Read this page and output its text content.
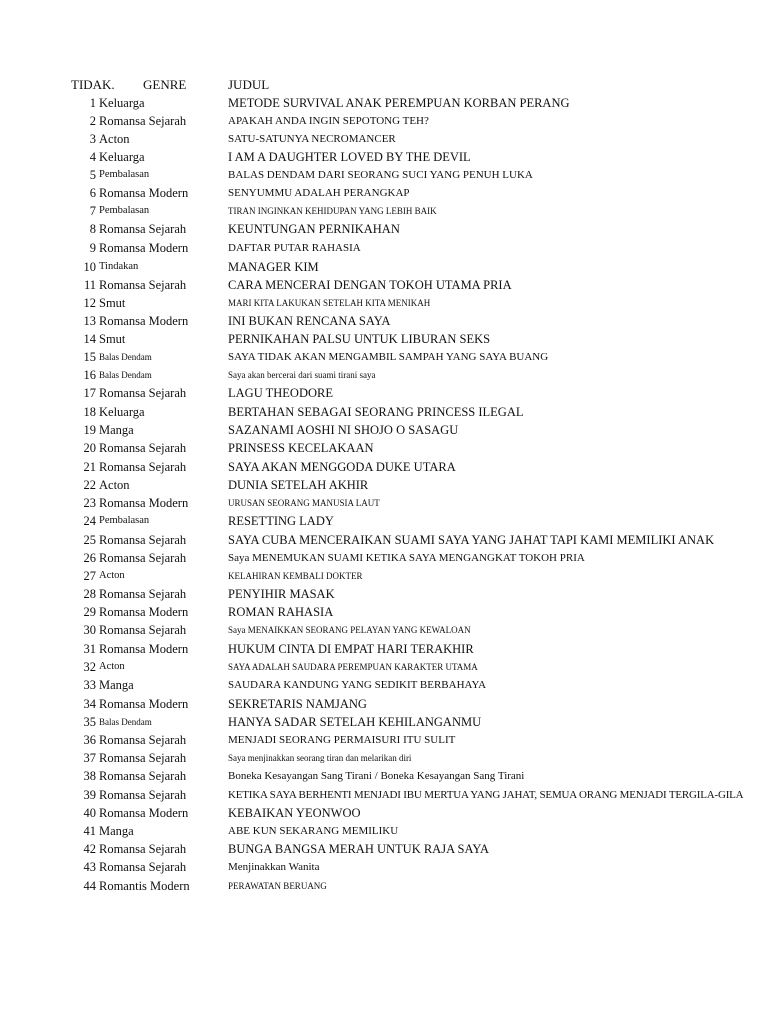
TIDAK. GENRE	JUDUL
1 Keluarga	METODE SURVIVAL ANAK PEREMPUAN KORBAN PERANG
2 Romansa Sejarah	APAKAH ANDA INGIN SEPOTONG TEH?
3 Acton	SATU-SATUNYA NECROMANCER
4 Keluarga	I AM A DAUGHTER LOVED BY THE DEVIL
5 Pembalasan	BALAS DENDAM DARI SEORANG SUCI YANG PENUH LUKA
6 Romansa Modern	SENYUMMU ADALAH PERANGKAP
7 Pembalasan	TIRAN INGINKAN KEHIDUPAN YANG LEBIH BAIK
8 Romansa Sejarah	KEUNTUNGAN PERNIKAHAN
9 Romansa Modern	DAFTAR PUTAR RAHASIA
10 Tindakan	MANAGER KIM
11 Romansa Sejarah	CARA MENCERAI DENGAN TOKOH UTAMA PRIA
12 Smut	MARI KITA LAKUKAN SETELAH KITA MENIKAH
13 Romansa Modern	INI BUKAN RENCANA SAYA
14 Smut	PERNIKAHAN PALSU UNTUK LIBURAN SEKS
15 Balas Dendam	SAYA TIDAK AKAN MENGAMBIL SAMPAH YANG SAYA BUANG
16 Balas Dendam	Saya akan bercerai dari suami tirani saya
17 Romansa Sejarah	LAGU THEODORE
18 Keluarga	BERTAHAN SEBAGAI SEORANG PRINCESS ILEGAL
19 Manga	SAZANAMI AOSHI NI SHOJO O SASAGU
20 Romansa Sejarah	PRINSESS KECELAKAAN
21 Romansa Sejarah	SAYA AKAN MENGGODA DUKE UTARA
22 Acton	DUNIA SETELAH AKHIR
23 Romansa Modern	URUSAN SEORANG MANUSIA LAUT
24 Pembalasan	RESETTING LADY
25 Romansa Sejarah	SAYA CUBA MENCERAIKAN SUAMI SAYA YANG JAHAT TAPI KAMI MEMILIKI ANAK
26 Romansa Sejarah	Saya MENEMUKAN SUAMI KETIKA SAYA MENGANGKAT TOKOH PRIA
27 Acton	KELAHIRAN KEMBALI DOKTER
28 Romansa Sejarah	PENYIHIR MASAK
29 Romansa Modern	ROMAN RAHASIA
30 Romansa Sejarah	Saya MENAIKKAN SEORANG PELAYAN YANG KEWALOAN
31 Romansa Modern	HUKUM CINTA DI EMPAT HARI TERAKHIR
32 Acton	SAYA ADALAH SAUDARA PEREMPUAN KARAKTER UTAMA
33 Manga	SAUDARA KANDUNG YANG SEDIKIT BERBAHAYA
34 Romansa Modern	SEKRETARIS NAMJANG
35 Balas Dendam	HANYA SADAR SETELAH KEHILANGANMU
36 Romansa Sejarah	MENJADI SEORANG PERMAISURI ITU SULIT
37 Romansa Sejarah	Saya menjinakkan seorang tiran dan melarikan diri
38 Romansa Sejarah	Boneka Kesayangan Sang Tirani / Boneka Kesayangan Sang Tirani
39 Romansa Sejarah	KETIKA SAYA BERHENTI MENJADI IBU MERTUA YANG JAHAT, SEMUA ORANG MENJADI TERGILA-GILA
40 Romansa Modern	KEBAIKAN YEONWOO
41 Manga	ABE KUN SEKARANG MEMILIKU
42 Romansa Sejarah	BUNGA BANGSA MERAH UNTUK RAJA SAYA
43 Romansa Sejarah	Menjinakkan Wanita
44 Romantis Modern	PERAWATAN BERUANG
